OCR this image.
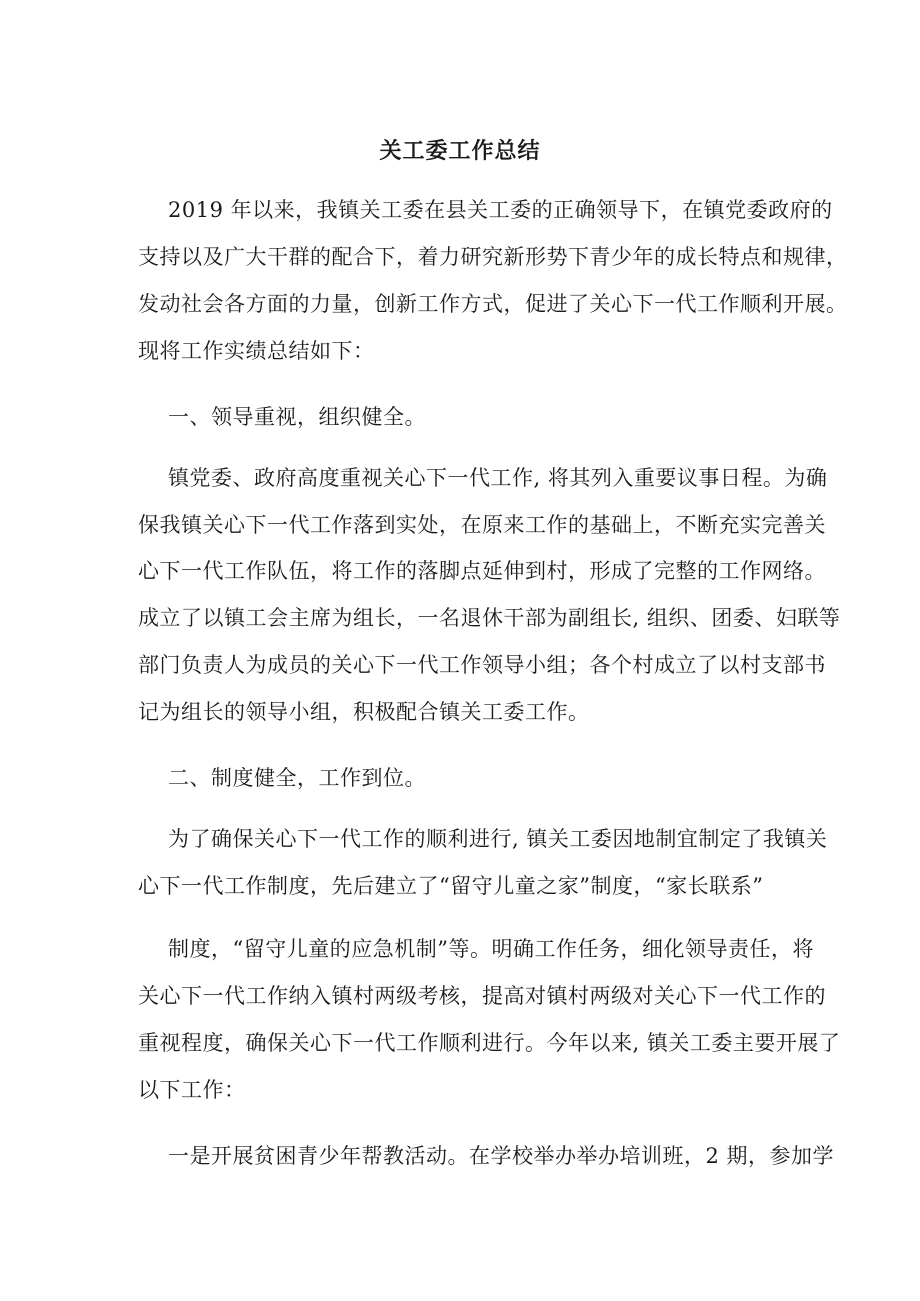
关工委工作总结
2019 年以来，我镇关工委在县关工委的正确领导下，在镇党委政府的
支持以及广大干群的配合下，着力研究新形势下青少年的成长特点和规律，
发动社会各方面的力量，创新工作方式，促进了关心下一代工作顺利开展。
现将工作实绩总结如下：
一、领导重视，组织健全。
镇党委、政府高度重视关心下一代工作, 将其列入重要议事日程。为确
保我镇关心下一代工作落到实处，在原来工作的基础上，不断充实完善关
心下一代工作队伍，将工作的落脚点延伸到村，形成了完整的工作网络。
成立了以镇工会主席为组长，一名退休干部为副组长, 组织、团委、妇联等
部门负责人为成员的关心下一代工作领导小组；各个村成立了以村支部书
记为组长的领导小组，积极配合镇关工委工作。
二、制度健全，工作到位。
为了确保关心下一代工作的顺利进行, 镇关工委因地制宜制定了我镇关
心下一代工作制度，先后建立了“留守儿童之家”制度，“家长联系”
制度，“留守儿童的应急机制”等。明确工作任务，细化领导责任，将
关心下一代工作纳入镇村两级考核，提高对镇村两级对关心下一代工作的
重视程度，确保关心下一代工作顺利进行。今年以来, 镇关工委主要开展了
以下工作：
一是开展贫困青少年帮教活动。在学校举办举办培训班，2 期，参加学
